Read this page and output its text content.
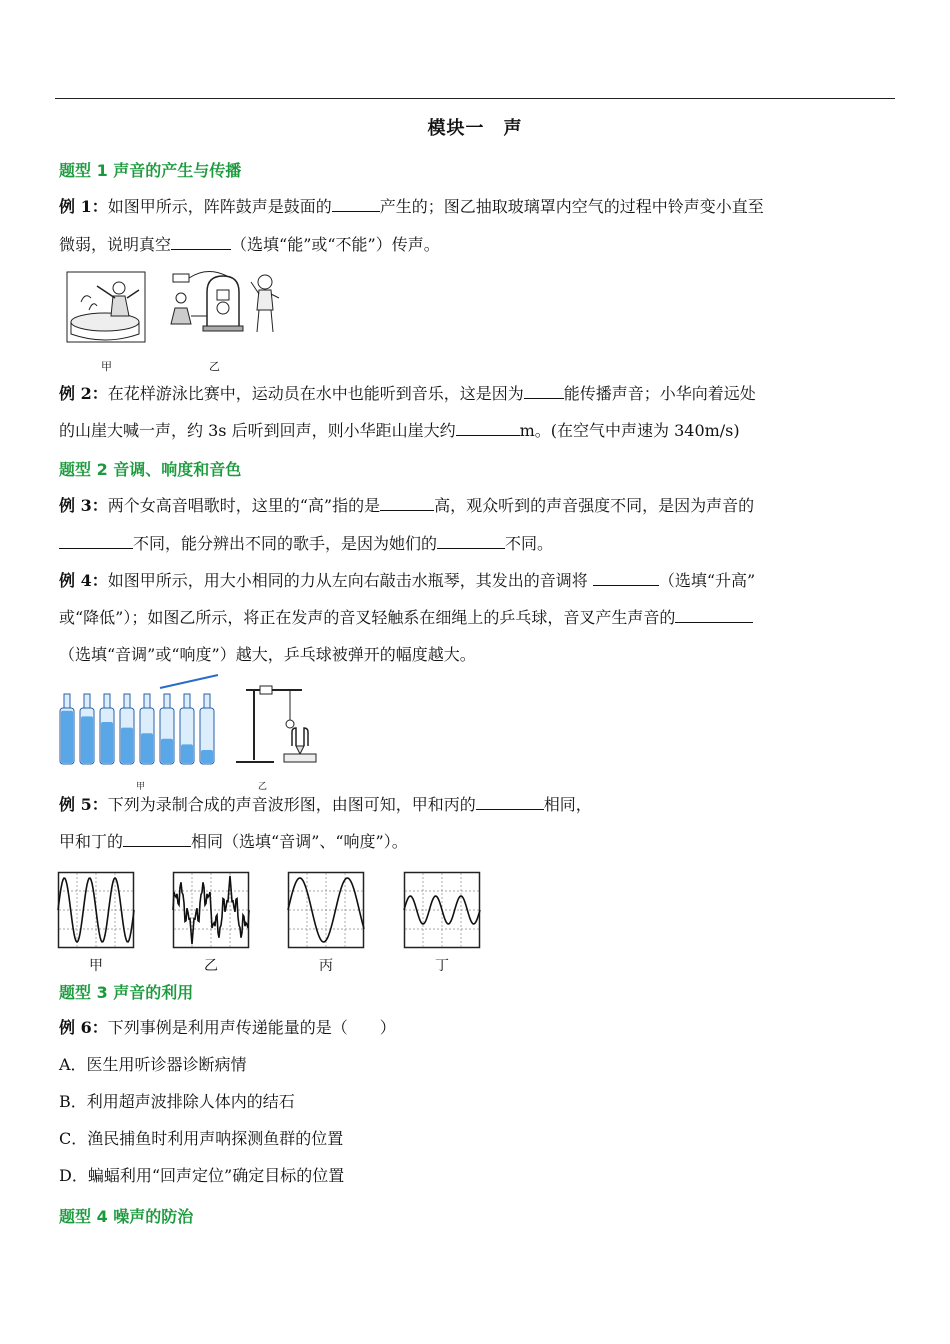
模块一　声
题型 1 声音的产生与传播
例 1：如图甲所示，阵阵鼓声是鼓面的	产生的；图乙抽取玻璃罩内空气的过程中铃声变小直至
微弱，说明真空	（选填“能”或“不能”）传声。
甲	乙
例 2：在花样游泳比赛中，运动员在水中也能听到音乐，这是因为	能传播声音；小华向着远处
的山崖大喊一声，约 3s 后听到回声，则小华距山崖大约	m。(在空气中声速为 340m/s)
题型 2 音调、响度和音色
例 3：两个女高音唱歌时，这里的“高”指的是	高，观众听到的声音强度不同，是因为声音的
不同，能分辨出不同的歌手，是因为她们的	不同。
例 4：如图甲所示，用大小相同的力从左向右敲击水瓶琴，其发出的音调将	（选填“升高”
或“降低”）；如图乙所示，将正在发声的音叉轻触系在细绳上的乒乓球，音叉产生声音的
（选填“音调”或“响度”）越大，乒乓球被弹开的幅度越大。
甲	乙
例 5：下列为录制合成的声音波形图，由图可知，甲和丙的	相同，
甲和丁的	相同（选填“音调”、“响度”）。
甲	乙	丙	丁
题型 3 声音的利用
例 6：下列事例是利用声传递能量的是（　　）
A．医生用听诊器诊断病情
B．利用超声波排除人体内的结石
C．渔民捕鱼时利用声呐探测鱼群的位置
D．蝙蝠利用“回声定位”确定目标的位置
题型 4 噪声的防治
